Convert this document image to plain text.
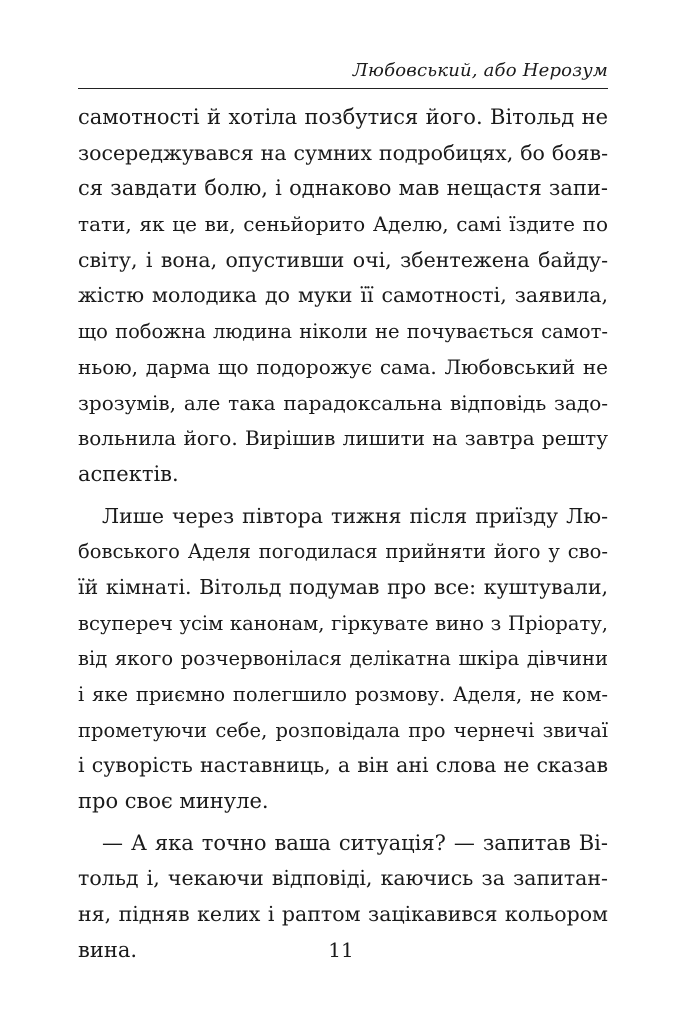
Любовський, або Нерозум
самотності й хотіла позбутися його. Вітольд не
зосереджувався на сумних подробицях, бо бояв-
ся завдати болю, і однаково мав нещастя запи-
тати, як це ви, сеньйорито Аделю, самі їздите по
світу, і вона, опустивши очі, збентежена байду-
жістю молодика до муки її самотності, заявила,
що побожна людина ніколи не почувається самот-
ньою, дарма що подорожує сама. Любовський не
зрозумів, але така парадоксальна відповідь задо-
вольнила його. Вирішив лишити на завтра решту
аспектів.
Лише через півтора тижня після приїзду Лю-
бовського Аделя погодилася прийняти його у сво-
їй кімнаті. Вітольд подумав про все: куштували,
всупереч усім канонам, гіркувате вино з Пріорату,
від якого розчервонілася делікатна шкіра дівчини
і яке приємно полегшило розмову. Аделя, не ком-
прометуючи себе, розповідала про чернечі звичаї
і суворість наставниць, а він ані слова не сказав
про своє минуле.
— А яка точно ваша ситуація? — запитав Ві-
тольд і, чекаючи відповіді, каючись за запитан-
ня, підняв келих і раптом зацікавився кольором
вина.	11
